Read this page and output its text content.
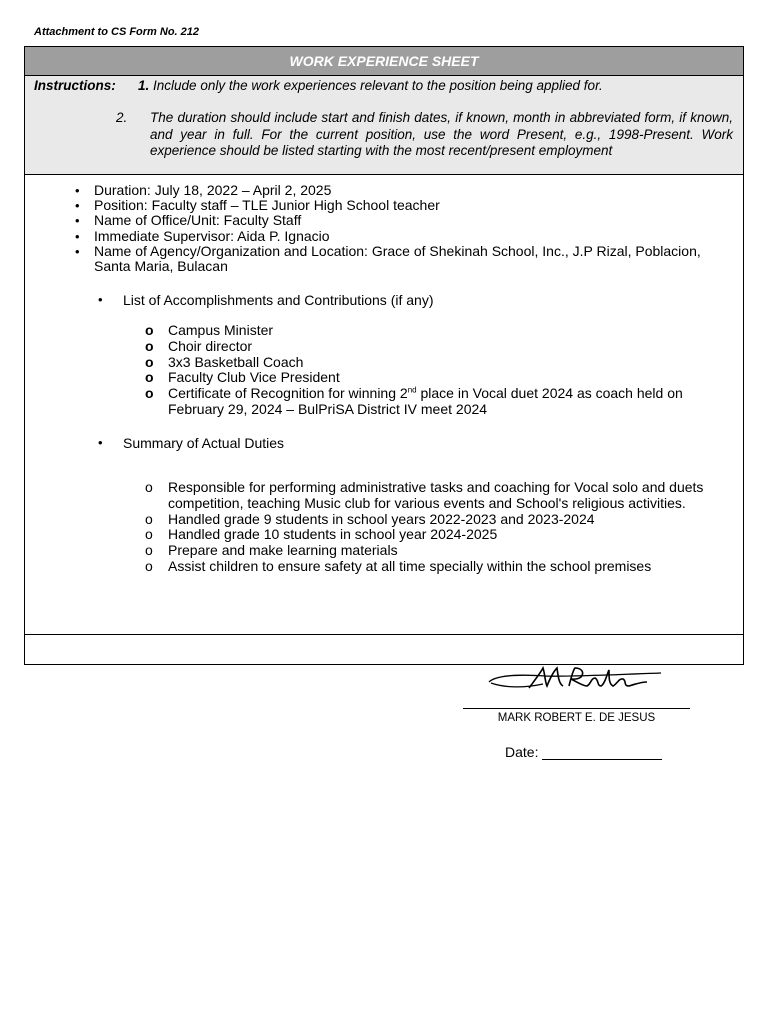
Attachment to CS Form No. 212
WORK EXPERIENCE SHEET
Instructions: 1. Include only the work experiences relevant to the position being applied for.
2. The duration should include start and finish dates, if known, month in abbreviated form, if known, and year in full. For the current position, use the word Present, e.g., 1998-Present. Work experience should be listed starting with the most recent/present employment
• Duration: July 18, 2022 – April 2, 2025
• Position: Faculty staff – TLE Junior High School teacher
• Name of Office/Unit: Faculty Staff
• Immediate Supervisor: Aida P. Ignacio
• Name of Agency/Organization and Location: Grace of Shekinah School, Inc., J.P Rizal, Poblacion, Santa Maria, Bulacan
• List of Accomplishments and Contributions (if any)
o Campus Minister
o Choir director
o 3x3 Basketball Coach
o Faculty Club Vice President
o Certificate of Recognition for winning 2nd place in Vocal duet 2024 as coach held on February 29, 2024 – BulPriSA District IV meet 2024
• Summary of Actual Duties
o Responsible for performing administrative tasks and coaching for Vocal solo and duets competition, teaching Music club for various events and School's religious activities.
o Handled grade 9 students in school years 2022-2023 and 2023-2024
o Handled grade 10 students in school year 2024-2025
o Prepare and make learning materials
o Assist children to ensure safety at all time specially within the school premises
MARK ROBERT E. DE JESUS
Date:
